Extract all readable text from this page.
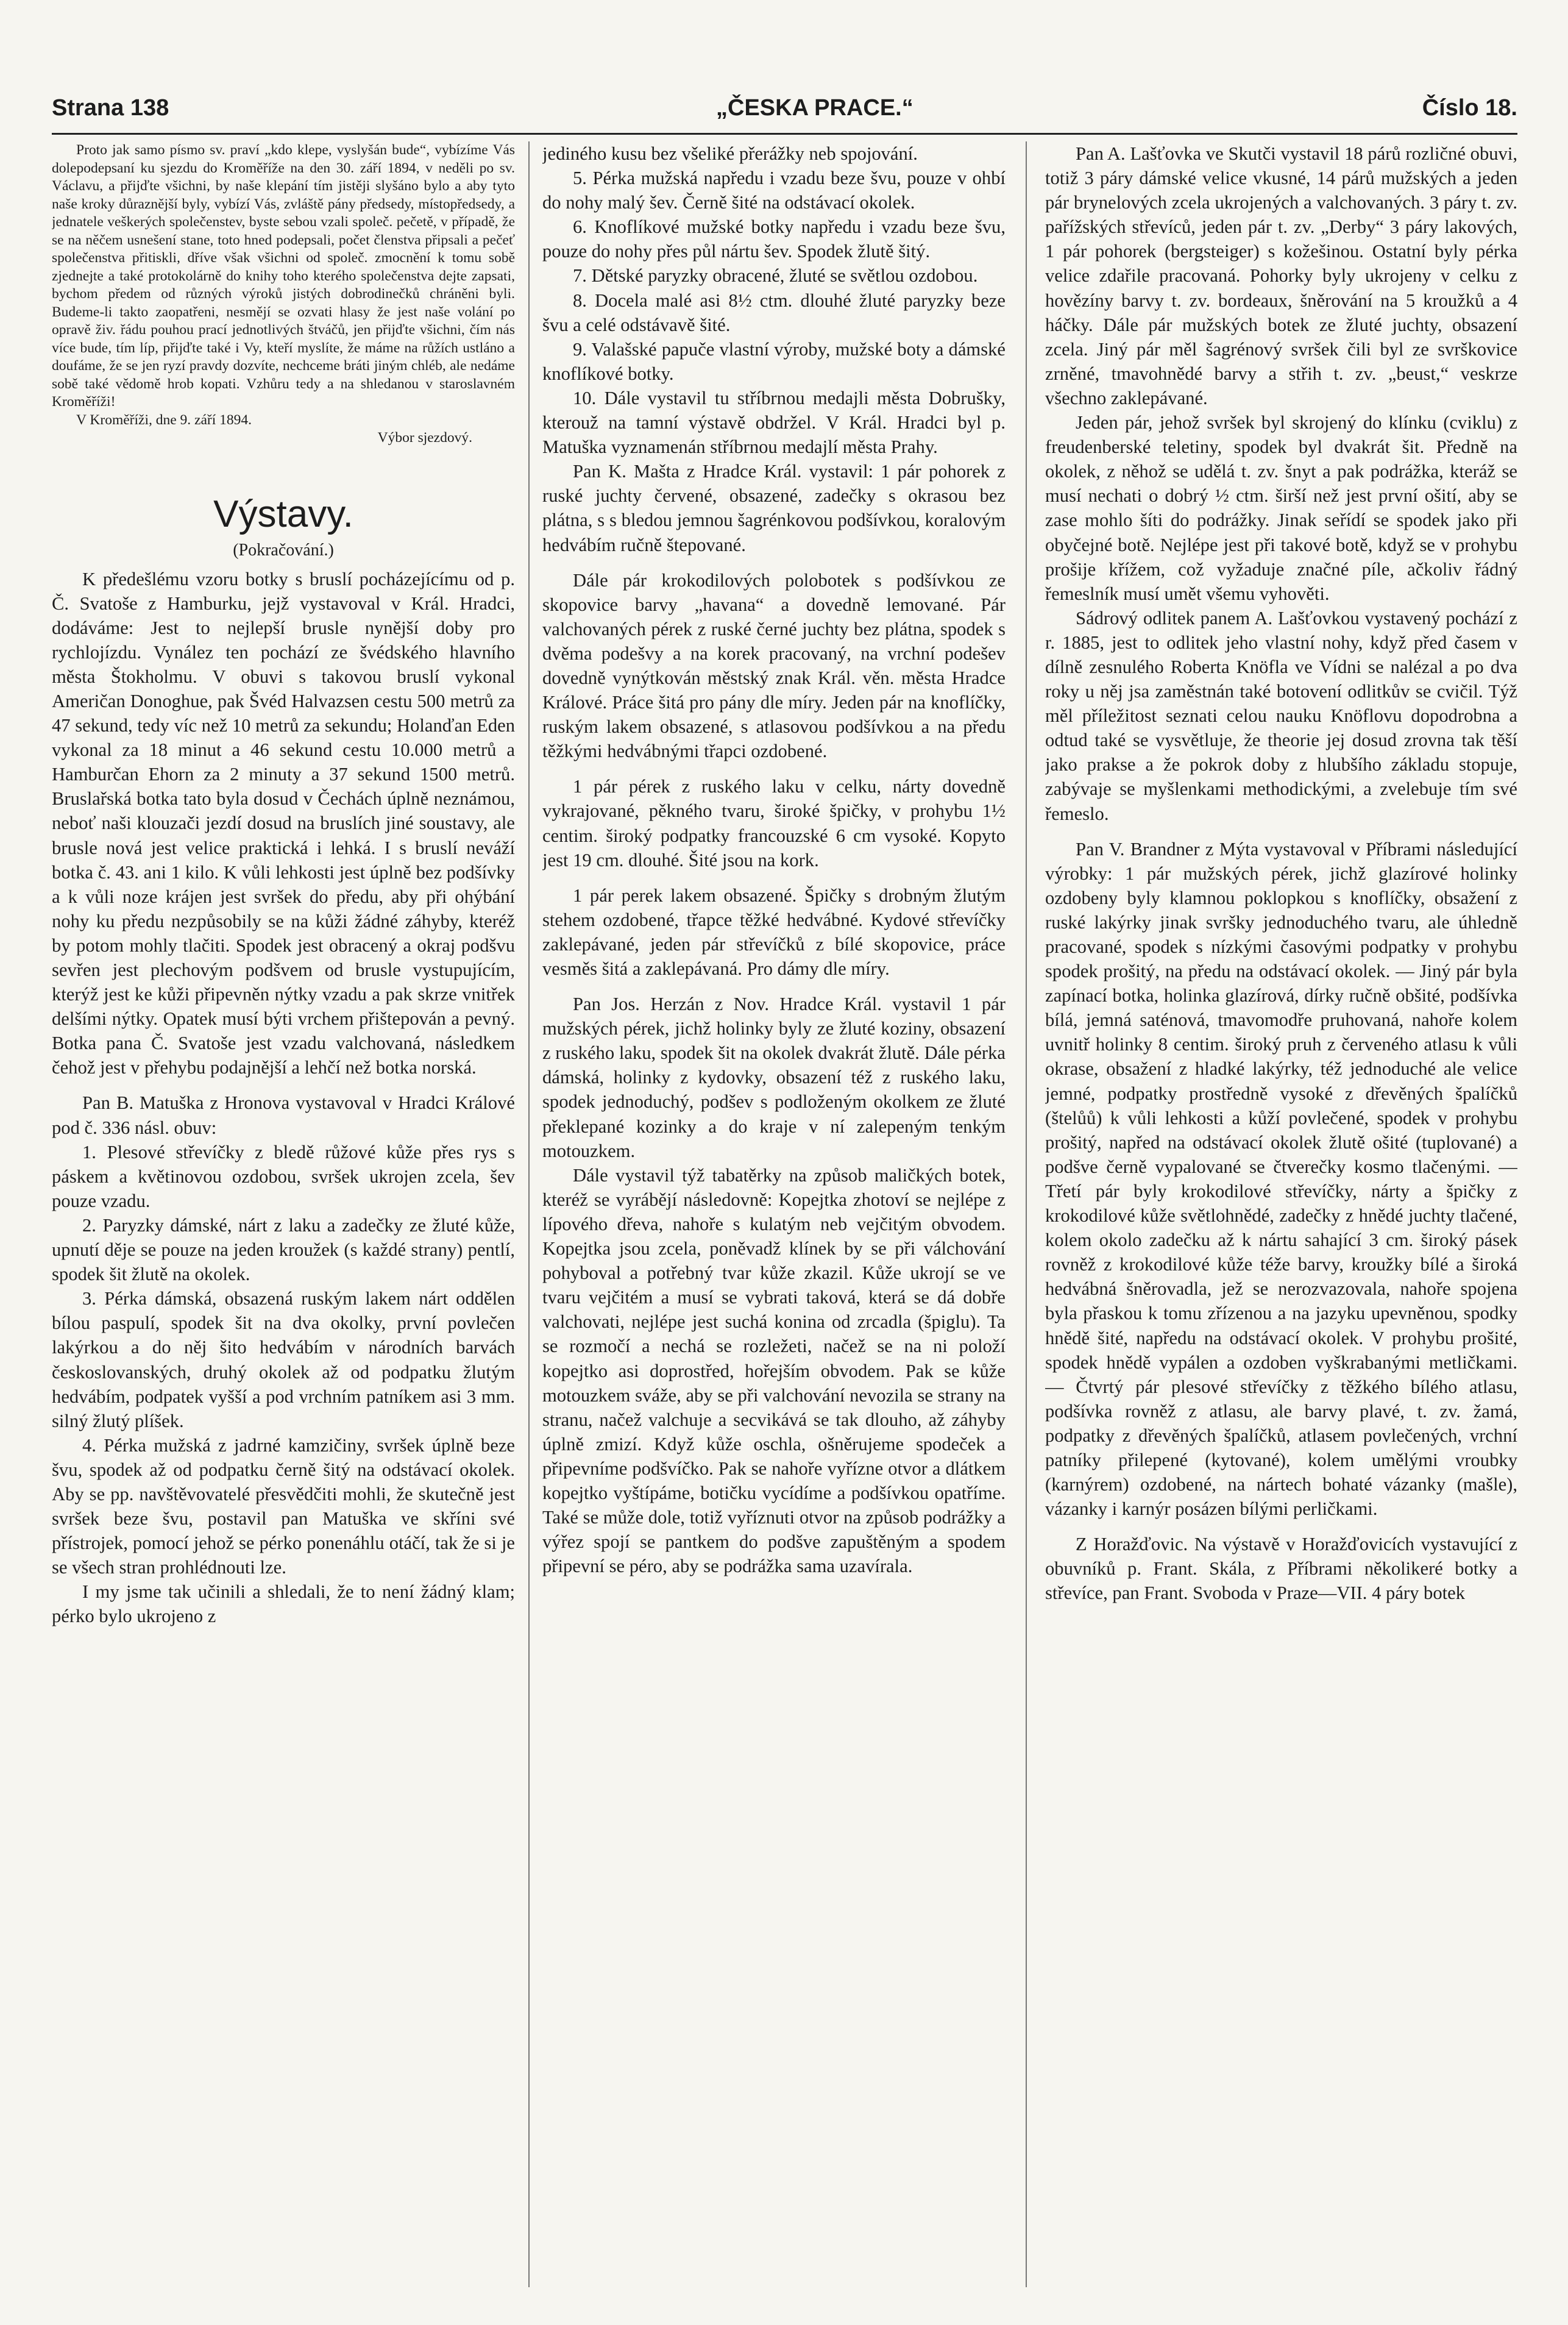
Strana 138	„ČESKA PRACE.“	Číslo 18.

Proto jak samo písmo sv. praví „kdo klepe, vyslyšán bude“, vybízíme Vás dolepodepsaní ku sjezdu do Kroměříže na den 30. září 1894, v neděli po sv. Václavu, a přijďte všichni, by naše klepání tím jistěji slyšáno bylo a aby tyto naše kroky důraznější byly, vybízí Vás, zvláště pány předsedy, místopředsedy, a jednatele veškerých společenstev, byste sebou vzali společ. pečetě, v případě, že se na něčem usnešení stane, toto hned podepsali, počet členstva připsali a pečeť společenstva přitiskli, dříve však všichni od společ. zmocnění k tomu sobě zjednejte a také protokolárně do knihy toho kterého společenstva dejte zapsati, bychom předem od různých výroků jistých dobrodinečků chráněni byli. Budeme-li takto zaopatřeni, nesmějí se ozvati hlasy že jest naše volání po opravě živ. řádu pouhou prací jednotlivých štváčů, jen přijďte všichni, čím nás více bude, tím líp, přijďte také i Vy, kteří myslíte, že máme na růžích ustláno a doufáme, že se jen ryzí pravdy dozvíte, nechceme bráti jiným chléb, ale nedáme sobě také vědomě hrob kopati. Vzhůru tedy a na shledanou v staroslavném Kroměříži!

V Kroměříži, dne 9. září 1894.

Výbor sjezdový.

Výstavy.
(Pokračování.)

K předešlému vzoru botky s bruslí pocházejícímu od p. Č. Svatoše z Hamburku, jejž vystavoval v Král. Hradci, dodáváme: Jest to nejlepší brusle nynější doby pro rychlojízdu. Vynález ten pochází ze švédského hlavního města Štokholmu. V obuvi s takovou bruslí vykonal Američan Donoghue, pak Švéd Halvazsen cestu 500 metrů za 47 sekund, tedy víc než 10 metrů za sekundu; Holanďan Eden vykonal za 18 minut a 46 sekund cestu 10.000 metrů a Hamburčan Ehorn za 2 minuty a 37 sekund 1500 metrů. Bruslařská botka tato byla dosud v Čechách úplně neznámou, neboť naši klouzači jezdí dosud na bruslích jiné soustavy, ale brusle nová jest velice praktická i lehká. I s bruslí neváží botka č. 43. ani 1 kilo. K vůli lehkosti jest úplně bez podšívky a k vůli noze krájen jest svršek do předu, aby při ohýbání nohy ku předu nezpůsobily se na kůži žádné záhyby, kteréž by potom mohly tlačiti. Spodek jest obracený a okraj podšvu sevřen jest plechovým podšvem od brusle vystupujícím, kterýž jest ke kůži připevněn nýtky vzadu a pak skrze vnitřek delšími nýtky. Opatek musí býti vrchem přištepován a pevný. Botka pana Č. Svatoše jest vzadu valchovaná, následkem čehož jest v přehybu podajnější a lehčí než botka norská.

Pan B. Matuška z Hronova vystavoval v Hradci Králové pod č. 336 násl. obuv:

1. Plesové střevíčky z bledě růžové kůže přes rys s páskem a květinovou ozdobou, svršek ukrojen zcela, šev pouze vzadu.

2. Paryzky dámské, nárt z laku a zadečky ze žluté kůže, upnutí děje se pouze na jeden kroužek (s každé strany) pentlí, spodek šit žlutě na okolek.

3. Pérka dámská, obsazená ruským lakem nárt oddělen bílou paspulí, spodek šit na dva okolky, první povlečen lakýrkou a do něj šito hedvábím v národních barvách českoslovanských, druhý okolek až od podpatku žlutým hedvábím, podpatek vyšší a pod vrchním patníkem asi 3 mm. silný žlutý plíšek.

4. Pérka mužská z jadrné kamzičiny, svršek úplně beze švu, spodek až od podpatku černě šitý na odstávací okolek. Aby se pp. navštěvovatelé přesvědčiti mohli, že skutečně jest svršek beze švu, postavil pan Matuška ve skříni své přístrojek, pomocí jehož se pérko ponenáhlu otáčí, tak že si je se všech stran prohlédnouti lze.

I my jsme tak učinili a shledali, že to není žádný klam; pérko bylo ukrojeno z

jediného kusu bez všeliké přerážky neb spojování.

5. Pérka mužská napředu i vzadu beze švu, pouze v ohbí do nohy malý šev. Černě šité na odstávací okolek.

6. Knoflíkové mužské botky napředu i vzadu beze švu, pouze do nohy přes půl nártu šev. Spodek žlutě šitý.

7. Dětské paryzky obracené, žluté se světlou ozdobou.

8. Docela malé asi 8½ ctm. dlouhé žluté paryzky beze švu a celé odstávavě šité.

9. Valašské papuče vlastní výroby, mužské boty a dámské knoflíkové botky.

10. Dále vystavil tu stříbrnou medajli města Dobrušky, kterouž na tamní výstavě obdržel. V Král. Hradci byl p. Matuška vyznamenán stříbrnou medajlí města Prahy.

Pan K. Mašta z Hradce Král. vystavil: 1 pár pohorek z ruské juchty červené, obsazené, zadečky s okrasou bez plátna, s s bledou jemnou šagrénkovou podšívkou, koralovým hedvábím ručně štepované.

Dále pár krokodilových polobotek s podšívkou ze skopovice barvy „havana“ a dovedně lemované. Pár valchovaných pérek z ruské černé juchty bez plátna, spodek s dvěma podešvy a na korek pracovaný, na vrchní podešev dovedně vynýtkován městský znak Král. věn. města Hradce Králové. Práce šitá pro pány dle míry. Jeden pár na knoflíčky, ruským lakem obsazené, s atlasovou podšívkou a na předu těžkými hedvábnými třapci ozdobené.

1 pár pérek z ruského laku v celku, nárty dovedně vykrajované, pěkného tvaru, široké špičky, v prohybu 1½ centim. široký podpatky francouzské 6 cm vysoké. Kopyto jest 19 cm. dlouhé. Šité jsou na kork.

1 pár perek lakem obsazené. Špičky s drobným žlutým stehem ozdobené, třapce těžké hedvábné. Kydové střevíčky zaklepávané, jeden pár střevíčků z bílé skopovice, práce vesměs šitá a zaklepávaná. Pro dámy dle míry.

Pan Jos. Herzán z Nov. Hradce Král. vystavil 1 pár mužských pérek, jichž holinky byly ze žluté koziny, obsazení z ruského laku, spodek šit na okolek dvakrát žlutě. Dále pérka dámská, holinky z kydovky, obsazení též z ruského laku, spodek jednoduchý, podšev s podloženým okolkem ze žluté překlepané kozinky a do kraje v ní zalepeným tenkým motouzkem.

Dále vystavil týž tabatěrky na způsob maličkých botek, kteréž se vyrábějí následovně: Kopejtka zhotoví se nejlépe z lípového dřeva, nahoře s kulatým neb vejčitým obvodem. Kopejtka jsou zcela, poněvadž klínek by se při válchování pohyboval a potřebný tvar kůže zkazil. Kůže ukrojí se ve tvaru vejčitém a musí se vybrati taková, která se dá dobře valchovati, nejlépe jest suchá konina od zrcadla (špiglu). Ta se rozmočí a nechá se rozležeti, načež se na ni položí kopejtko asi doprostřed, hořejším obvodem. Pak se kůže motouzkem sváže, aby se při valchování nevozila se strany na stranu, načež valchuje a secvikává se tak dlouho, až záhyby úplně zmizí. Když kůže oschla, ošněrujeme spodeček a připevníme podšvíčko. Pak se nahoře vyřízne otvor a dlátkem kopejtko vyštípáme, botičku vycídíme a podšívkou opatříme. Také se může dole, totiž vyříznuti otvor na způsob podrážky a výřez spojí se pantkem do podšve zapuštěným a spodem připevní se péro, aby se podrážka sama uzavírala.

Pan A. Lašťovka ve Skutči vystavil 18 párů rozličné obuvi, totiž 3 páry dámské velice vkusné, 14 párů mužských a jeden pár brynelových zcela ukrojených a valchovaných. 3 páry t. zv. pařížských střevíců, jeden pár t. zv. „Derby“ 3 páry lakových, 1 pár pohorek (bergsteiger) s kožešinou. Ostatní byly pérka velice zdařile pracovaná. Pohorky byly ukrojeny v celku z hovězíny barvy t. zv. bordeaux, šněrování na 5 kroužků a 4 háčky. Dále pár mužských botek ze žluté juchty, obsazení zcela. Jiný pár měl šagrénový svršek čili byl ze svrškovice zrněné, tmavohnědé barvy a střih t. zv. „beust,“ veskrze všechno zaklepávané.

Jeden pár, jehož svršek byl skrojený do klínku (cviklu) z freudenberské teletiny, spodek byl dvakrát šit. Předně na okolek, z něhož se udělá t. zv. šnyt a pak podrážka, kteráž se musí nechati o dobrý ½ ctm. širší než jest první ošití, aby se zase mohlo šíti do podrážky. Jinak seřídí se spodek jako při obyčejné botě. Nejlépe jest při takové botě, když se v prohybu prošije křížem, což vyžaduje značné píle, ačkoliv řádný řemeslník musí umět všemu vyhověti.

Sádrový odlitek panem A. Lašťovkou vystavený pochází z r. 1885, jest to odlitek jeho vlastní nohy, když před časem v dílně zesnulého Roberta Knöfla ve Vídni se nalézal a po dva roky u něj jsa zaměstnán také botovení odlitkův se cvičil. Týž měl příležitost seznati celou nauku Knöflovu dopodrobna a odtud také se vysvětluje, že theorie jej dosud zrovna tak těší jako prakse a že pokrok doby z hlubšího základu stopuje, zabývaje se myšlenkami methodickými, a zvelebuje tím své řemeslo.

Pan V. Brandner z Mýta vystavoval v Příbrami následující výrobky: 1 pár mužských pérek, jichž glazírové holinky ozdobeny byly klamnou poklopkou s knoflíčky, obsažení z ruské lakýrky jinak svršky jednoduchého tvaru, ale úhledně pracované, spodek s nízkými časovými podpatky v prohybu spodek prošitý, na předu na odstávací okolek. — Jiný pár byla zapínací botka, holinka glazírová, dírky ručně obšité, podšívka bílá, jemná saténová, tmavomodře pruhovaná, nahoře kolem uvnitř holinky 8 centim. široký pruh z červeného atlasu k vůli okrase, obsažení z hladké lakýrky, též jednoduché ale velice jemné, podpatky prostředně vysoké z dřevěných špalíčků (štelůů) k vůli lehkosti a kůží povlečené, spodek v prohybu prošitý, napřed na odstávací okolek žlutě ošité (tuplované) a podšve černě vypalované se čtverečky kosmo tlačenými. — Třetí pár byly krokodilové střevíčky, nárty a špičky z krokodilové kůže světlohnědé, zadečky z hnědé juchty tlačené, kolem okolo zadečku až k nártu sahající 3 cm. široký pásek rovněž z krokodilové kůže téže barvy, kroužky bílé a široká hedvábná šněrovadla, jež se nerozvazovala, nahoře spojena byla přaskou k tomu zřízenou a na jazyku upevněnou, spodky hnědě šité, napředu na odstávací okolek. V prohybu prošité, spodek hnědě vypálen a ozdoben vyškrabanými metličkami. — Čtvrtý pár plesové střevíčky z těžkého bílého atlasu, podšívka rovněž z atlasu, ale barvy plavé, t. zv. žamá, podpatky z dřevěných špalíčků, atlasem povlečených, vrchní patníky přilepené (kytované), kolem umělými vroubky (karnýrem) ozdobené, na nártech bohaté vázanky (mašle), vázanky i karnýr posázen bílými perličkami.

Z Horažďovic. Na výstavě v Horažďovicích vystavující z obuvníků p. Frant. Skála, z Příbrami několikeré botky a střevíce, pan Frant. Svoboda v Praze—VII. 4 páry botek
